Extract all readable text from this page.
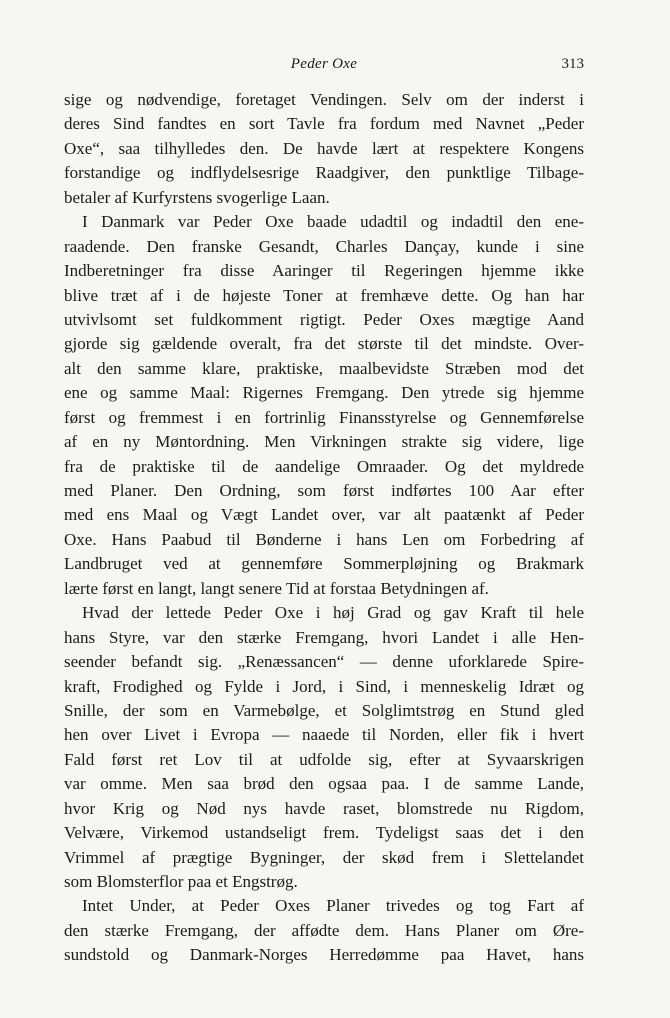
Peder Oxe	313
sige og nødvendige, foretaget Vendingen. Selv om der inderst i
deres Sind fandtes en sort Tavle fra fordum med Navnet „Peder
Oxe“, saa tilhylledes den. De havde lært at respektere Kongens
forstandige og indflydelsesrige Raadgiver, den punktlige Tilbage-
betaler af Kurfyrstens svogerlige Laan.
I Danmark var Peder Oxe baade udadtil og indadtil den ene-
raadende. Den franske Gesandt, Charles Dançay, kunde i sine
Indberetninger fra disse Aaringer til Regeringen hjemme ikke
blive træt af i de højeste Toner at fremhæve dette. Og han har
utvivlsomt set fuldkomment rigtigt. Peder Oxes mægtige Aand
gjorde sig gældende overalt, fra det største til det mindste. Over-
alt den samme klare, praktiske, maalbevidste Stræben mod det
ene og samme Maal: Rigernes Fremgang. Den ytrede sig hjemme
først og fremmest i en fortrinlig Finansstyrelse og Gennemførelse
af en ny Møntordning. Men Virkningen strakte sig videre, lige
fra de praktiske til de aandelige Omraader. Og det myldrede
med Planer. Den Ordning, som først indførtes 100 Aar efter
med ens Maal og Vægt Landet over, var alt paatænkt af Peder
Oxe. Hans Paabud til Bønderne i hans Len om Forbedring af
Landbruget ved at gennemføre Sommerpløjning og Brakmark
lærte først en langt, langt senere Tid at forstaa Betydningen af.
Hvad der lettede Peder Oxe i høj Grad og gav Kraft til hele
hans Styre, var den stærke Fremgang, hvori Landet i alle Hen-
seender befandt sig. „Renæssancen“ — denne uforklarede Spire-
kraft, Frodighed og Fylde i Jord, i Sind, i menneskelig Idræt og
Snille, der som en Varmebølge, et Solglimtstrøg en Stund gled
hen over Livet i Evropa — naaede til Norden, eller fik i hvert
Fald først ret Lov til at udfolde sig, efter at Syvaarskrigen
var omme. Men saa brød den ogsaa paa. I de samme Lande,
hvor Krig og Nød nys havde raset, blomstrede nu Rigdom,
Velvære, Virkemod ustandseligt frem. Tydeligst saas det i den
Vrimmel af prægtige Bygninger, der skød frem i Slettelandet
som Blomsterflor paa et Engstrøg.
Intet Under, at Peder Oxes Planer trivedes og tog Fart af
den stærke Fremgang, der affødte dem. Hans Planer om Øre-
sundstold og Danmark-Norges Herredømme paa Havet, hans
